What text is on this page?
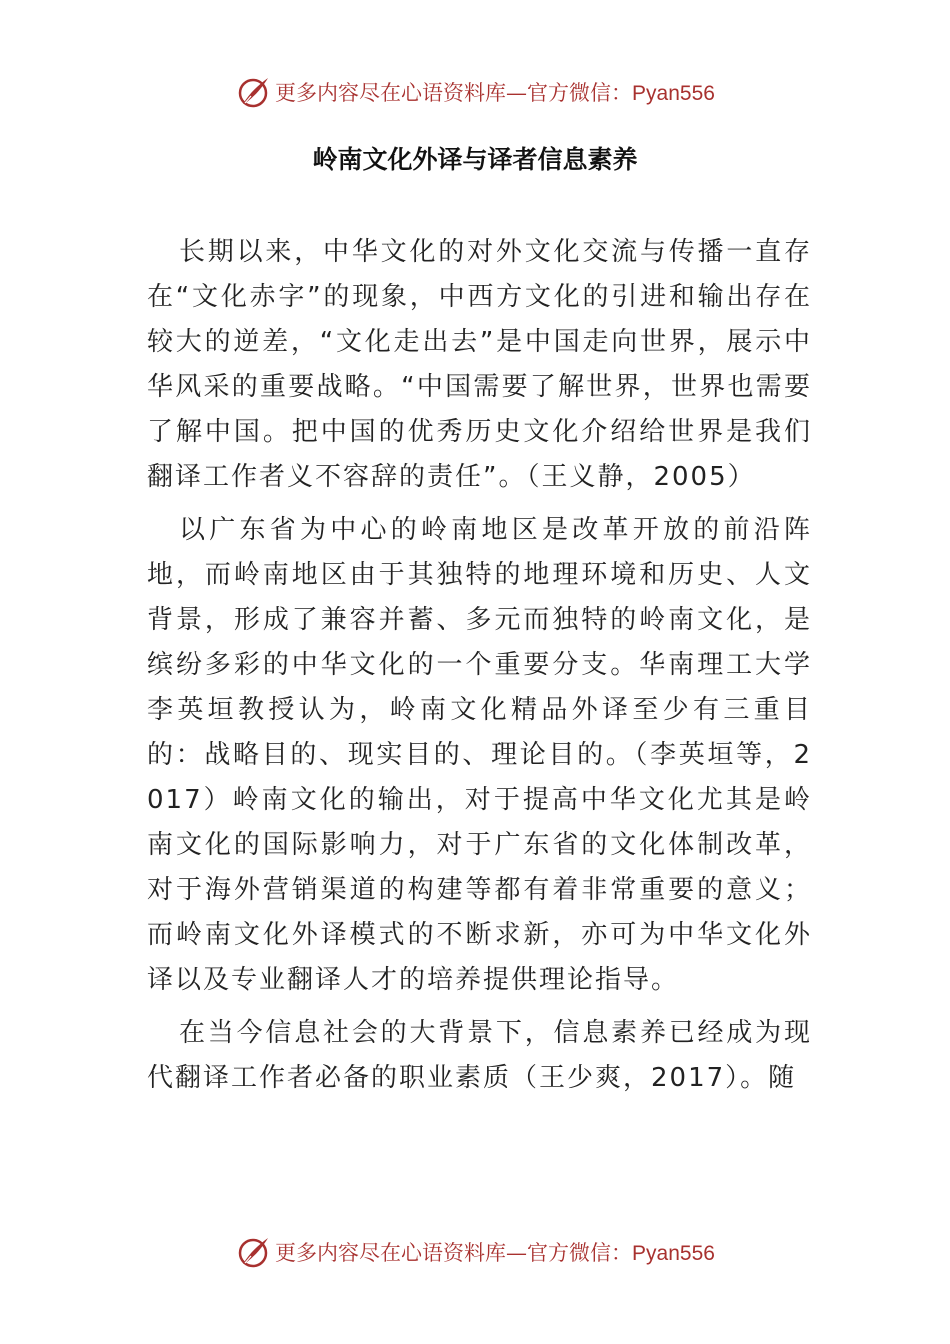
更多内容尽在心语资料库—官方微信：Pyan556
岭南文化外译与译者信息素养

长期以来，中华文化的对外文化交流与传播一直存在“文化赤字”的现象，中西方文化的引进和输出存在较大的逆差，“文化走出去”是中国走向世界，展示中华风采的重要战略。“中国需要了解世界，世界也需要了解中国。把中国的优秀历史文化介绍给世界是我们翻译工作者义不容辞的责任”。（王义静，2005）

以广东省为中心的岭南地区是改革开放的前沿阵地，而岭南地区由于其独特的地理环境和历史、人文背景，形成了兼容并蓄、多元而独特的岭南文化，是缤纷多彩的中华文化的一个重要分支。华南理工大学李英垣教授认为，岭南文化精品外译至少有三重目的：战略目的、现实目的、理论目的。（李英垣等，2017）岭南文化的输出，对于提高中华文化尤其是岭南文化的国际影响力，对于广东省的文化体制改革，对于海外营销渠道的构建等都有着非常重要的意义；而岭南文化外译模式的不断求新，亦可为中华文化外译以及专业翻译人才的培养提供理论指导。

在当今信息社会的大背景下，信息素养已经成为现代翻译工作者必备的职业素质（王少爽，2017）。随

更多内容尽在心语资料库—官方微信：Pyan556
